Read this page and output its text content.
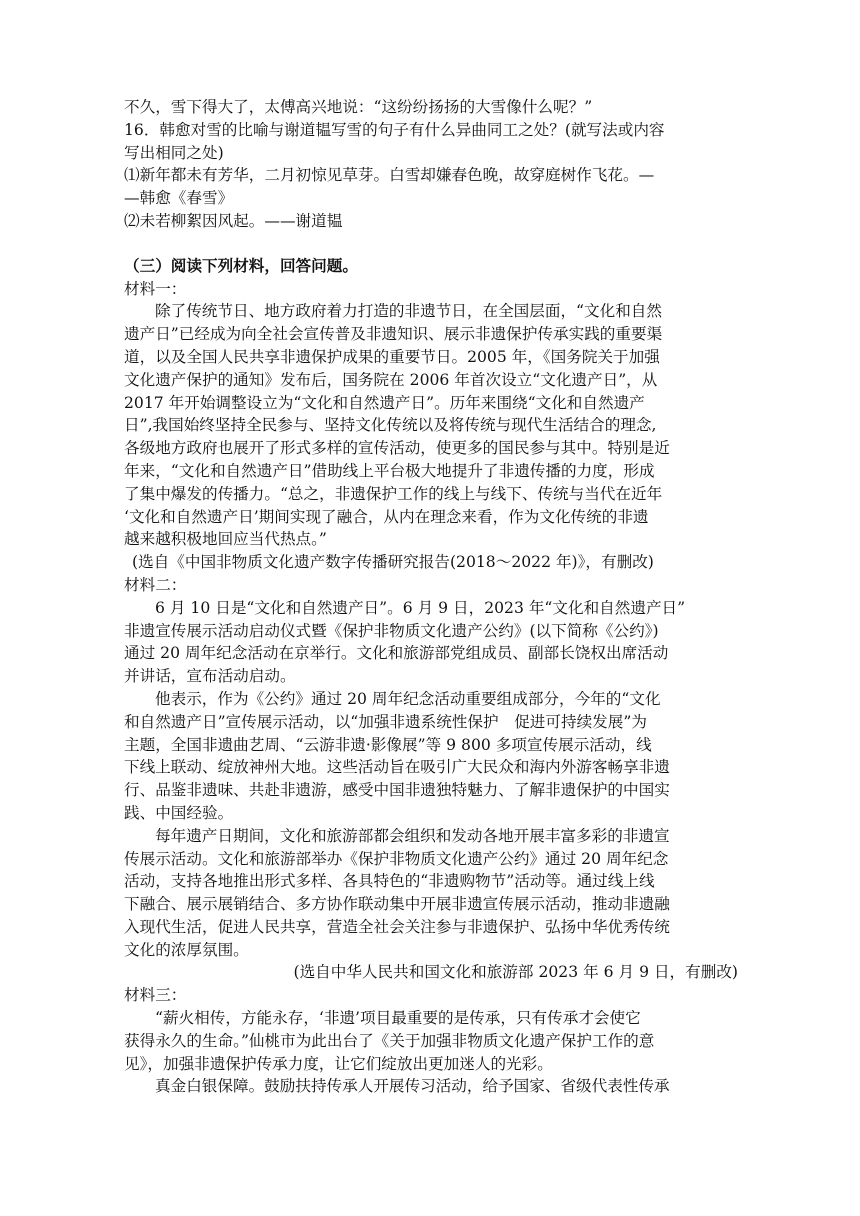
不久，雪下得大了，太傅高兴地说：“这纷纷扬扬的大雪像什么呢？”
16．韩愈对雪的比喻与谢道韫写雪的句子有什么异曲同工之处？(就写法或内容
写出相同之处)
⑴新年都未有芳华，二月初惊见草芽。白雪却嫌春色晚，故穿庭树作飞花。—
—韩愈《春雪》
⑵未若柳絮因风起。——谢道韫
（三）阅读下列材料，回答问题。
材料一：
除了传统节日、地方政府着力打造的非遗节日，在全国层面，“文化和自然
遗产日”已经成为向全社会宣传普及非遗知识、展示非遗保护传承实践的重要渠
道，以及全国人民共享非遗保护成果的重要节日。2005 年，《国务院关于加强
文化遗产保护的通知》发布后，国务院在 2006 年首次设立“文化遗产日”，从
2017 年开始调整设立为“文化和自然遗产日”。历年来围绕“文化和自然遗产
日”,我国始终坚持全民参与、坚持文化传统以及将传统与现代生活结合的理念,
各级地方政府也展开了形式多样的宣传活动，使更多的国民参与其中。特别是近
年来，“文化和自然遗产日”借助线上平台极大地提升了非遗传播的力度，形成
了集中爆发的传播力。“总之，非遗保护工作的线上与线下、传统与当代在近年
‘文化和自然遗产日’期间实现了融合，从内在理念来看，作为文化传统的非遗
越来越积极地回应当代热点。”
(选自《中国非物质文化遗产数字传播研究报告(2018～2022 年)》，有删改)
材料二：
6 月 10 日是“文化和自然遗产日”。6 月 9 日，2023 年“文化和自然遗产日”
非遗宣传展示活动启动仪式暨《保护非物质文化遗产公约》(以下简称《公约》)
通过 20 周年纪念活动在京举行。文化和旅游部党组成员、副部长饶权出席活动
并讲话，宣布活动启动。
他表示，作为《公约》通过 20 周年纪念活动重要组成部分，今年的“文化
和自然遗产日”宣传展示活动，以“加强非遗系统性保护　促进可持续发展”为
主题，全国非遗曲艺周、“云游非遗·影像展”等 9 800 多项宣传展示活动，线
下线上联动、绽放神州大地。这些活动旨在吸引广大民众和海内外游客畅享非遗
行、品鉴非遗味、共赴非遗游，感受中国非遗独特魅力、了解非遗保护的中国实
践、中国经验。
每年遗产日期间，文化和旅游部都会组织和发动各地开展丰富多彩的非遗宣
传展示活动。文化和旅游部举办《保护非物质文化遗产公约》通过 20 周年纪念
活动，支持各地推出形式多样、各具特色的“非遗购物节”活动等。通过线上线
下融合、展示展销结合、多方协作联动集中开展非遗宣传展示活动，推动非遗融
入现代生活，促进人民共享，营造全社会关注参与非遗保护、弘扬中华优秀传统
文化的浓厚氛围。
(选自中华人民共和国文化和旅游部 2023 年 6 月 9 日，有删改)
材料三：
“薪火相传，方能永存，‘非遗’项目最重要的是传承，只有传承才会使它
获得永久的生命。”仙桃市为此出台了《关于加强非物质文化遗产保护工作的意
见》，加强非遗保护传承力度，让它们绽放出更加迷人的光彩。
真金白银保障。鼓励扶持传承人开展传习活动，给予国家、省级代表性传承
